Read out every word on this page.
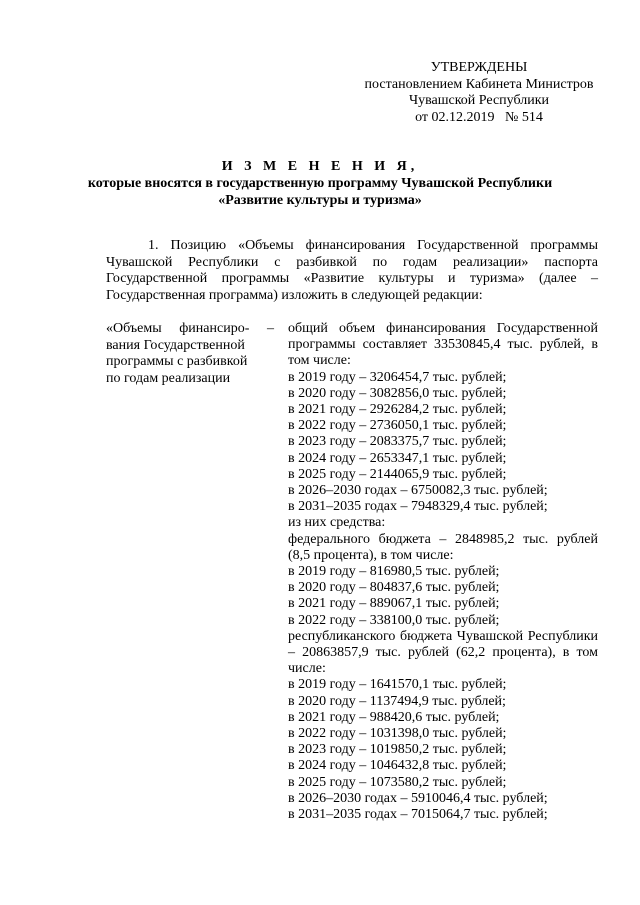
УТВЕРЖДЕНЫ
постановлением Кабинета Министров
Чувашской Республики
от 02.12.2019   № 514
И З М Е Н Е Н И Я,
которые вносятся в государственную программу Чувашской Республики
«Развитие культуры и туризма»
1. Позицию «Объемы финансирования Государственной программы Чувашской Республики с разбивкой по годам реализации» паспорта Государственной программы «Развитие культуры и туризма» (далее – Государственная программа) изложить в следующей редакции:
«Объемы финансиро- –
вания Государственной
программы с разбивкой
по годам реализации
общий объем финансирования Государственной программы составляет 33530845,4 тыс. рублей, в том числе:
в 2019 году – 3206454,7 тыс. рублей;
в 2020 году – 3082856,0 тыс. рублей;
в 2021 году – 2926284,2 тыс. рублей;
в 2022 году – 2736050,1 тыс. рублей;
в 2023 году – 2083375,7 тыс. рублей;
в 2024 году – 2653347,1 тыс. рублей;
в 2025 году – 2144065,9 тыс. рублей;
в 2026–2030 годах – 6750082,3 тыс. рублей;
в 2031–2035 годах – 7948329,4 тыс. рублей;
из них средства:
федерального бюджета – 2848985,2 тыс. рублей (8,5 процента), в том числе:
в 2019 году – 816980,5 тыс. рублей;
в 2020 году – 804837,6 тыс. рублей;
в 2021 году – 889067,1 тыс. рублей;
в 2022 году – 338100,0 тыс. рублей;
республиканского бюджета Чувашской Республики – 20863857,9 тыс. рублей (62,2 процента), в том числе:
в 2019 году – 1641570,1 тыс. рублей;
в 2020 году – 1137494,9 тыс. рублей;
в 2021 году – 988420,6 тыс. рублей;
в 2022 году – 1031398,0 тыс. рублей;
в 2023 году – 1019850,2 тыс. рублей;
в 2024 году – 1046432,8 тыс. рублей;
в 2025 году – 1073580,2 тыс. рублей;
в 2026–2030 годах – 5910046,4 тыс. рублей;
в 2031–2035 годах – 7015064,7 тыс. рублей;
